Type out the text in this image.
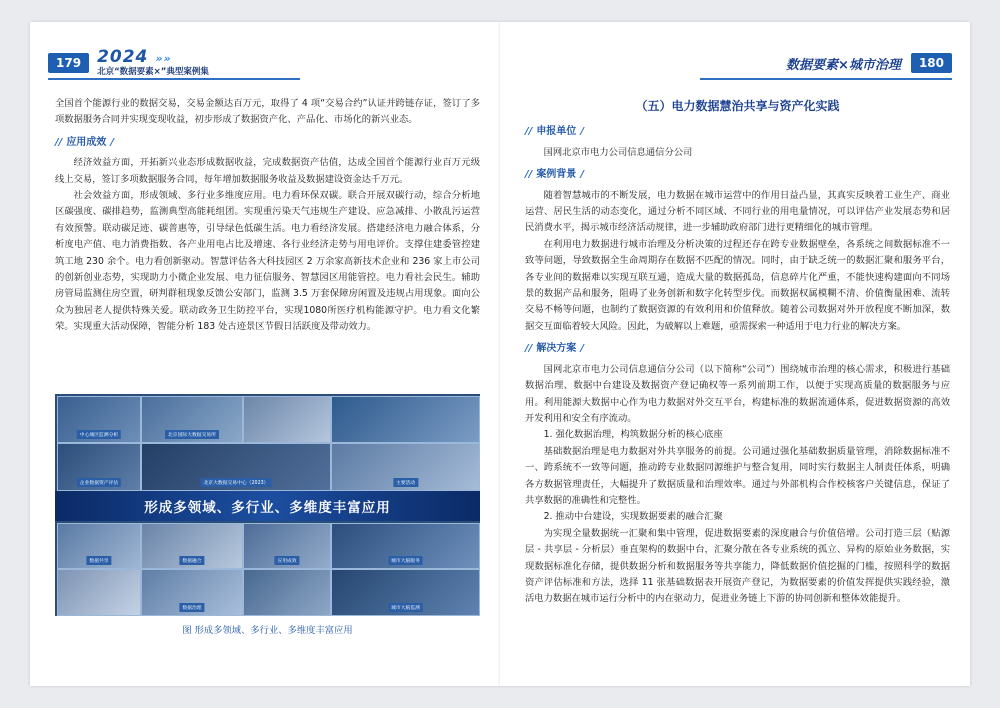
179 2024 »»
北京“数据要素×”典型案例集

全国首个能源行业的数据交易，交易金额达百万元，取得了 4 项“交易合约”认证并跨链存证，签订了多项数据服务合同并实现变现收益，初步形成了数据资产化、产品化、市场化的新兴业态。

// 应用成效 /

经济效益方面，开拓新兴业态形成数据收益，完成数据资产估值，达成全国首个能源行业百万元级线上交易，签订多项数据服务合同，每年增加数据服务收益及数据建设资金达千万元。

社会效益方面，形成领域、多行业多维度应用。电力看环保双碳。联合开展双碳行动，综合分析地区碳强度、碳排趋势，监测典型高能耗组团。实现重污染天气违规生产建设、应急减排、小散乱污运营有效预警。联动碳足迹、碳普惠等，引导绿色低碳生活。电力看经济发展。搭建经济电力融合体系，分析度电产值、电力消费指数、各产业用电占比及增速、各行业经济走势与用电评价。支撑住建委管控建筑工地 230 余个。电力看创新驱动。智慧评估各大科技园区 2 万余家高新技术企业和 236 家上市公司的创新创业态势，实现助力小微企业发展、电力征信服务、智慧园区用能管控。电力看社会民生。辅助房管局监测住房空置，研判群租现象反馈公安部门，监测 3.5 万套保障房闲置及违规占用现象。面向公众为独居老人提供特殊关爱。联动政务卫生防控平台，实现1080所医疗机构能源守护。电力看文化繁荣。实现重大活动保障，智能分析 183 处古迹景区节假日活跃度及带动效力。

中心城区监测分析	北京国际大数据交易所
企业数据资产评估	北京大数据交易中心（2023）	主要活动
形成多领域、多行业、多维度丰富应用
数据共享	数据融合	应用成效	城市大脑服务
数据治理	城市大脑监测
图 形成多领域、多行业、多维度丰富应用
数据要素×城市治理	180
（五）电力数据慧治共享与资产化实践
// 申报单位 /

国网北京市电力公司信息通信分公司

// 案例背景 /

随着智慧城市的不断发展，电力数据在城市运营中的作用日益凸显，其真实反映着工业生产、商业运营、居民生活的动态变化，通过分析不同区域、不同行业的用电量情况，可以评估产业发展态势和居民消费水平，揭示城市经济活动规律，进一步辅助政府部门进行更精细化的城市管理。

在利用电力数据进行城市治理及分析决策的过程还存在跨专业数据壁垒，各系统之间数据标准不一致等问题，导致数据全生命周期存在数据不匹配的情况。同时，由于缺乏统一的数据汇聚和服务平台，各专业间的数据难以实现互联互通，造成大量的数据孤岛，信息碎片化严重，不能快速构建面向不同场景的数据产品和服务，阻碍了业务创新和数字化转型步伐。而数据权属模糊不清、价值衡量困难、流转交易不畅等问题，也制约了数据资源的有效利用和价值释放。随着公司数据对外开放程度不断加深，数据交互面临着较大风险。因此，为破解以上难题，亟需探索一种适用于电力行业的解决方案。

// 解决方案 /

国网北京市电力公司信息通信分公司（以下简称“公司”）围绕城市治理的核心需求，积极进行基础数据治理、数据中台建设及数据资产登记确权等一系列前期工作，以便于实现高质量的数据服务与应用。利用能源大数据中心作为电力数据对外交互平台，构建标准的数据流通体系，促进数据资源的高效开发利用和安全有序流动。

1. 强化数据治理，构筑数据分析的核心底座

基础数据治理是电力数据对外共享服务的前提。公司通过强化基础数据质量管理，消除数据标准不一、跨系统不一致等问题，推动跨专业数据同源维护与整合复用，同时实行数据主人制责任体系，明确各方数据管理责任，大幅提升了数据质量和治理效率。通过与外部机构合作校核客户关键信息，保证了共享数据的准确性和完整性。

2. 推动中台建设，实现数据要素的融合汇聚

为实现全量数据统一汇聚和集中管理，促进数据要素的深度融合与价值倍增。公司打造三层（贴源层 - 共享层 - 分析层）垂直架构的数据中台，汇聚分散在各专业系统的孤立、异构的原始业务数据，实现数据标准化存储，提供数据分析和数据服务等共享能力，降低数据价值挖掘的门槛，按照科学的数据资产评估标准和方法，选择 11 张基础数据表开展资产登记，为数据要素的价值发挥提供实践经验，激活电力数据在城市运行分析中的内在驱动力，促进业务链上下游的协同创新和整体效能提升。
